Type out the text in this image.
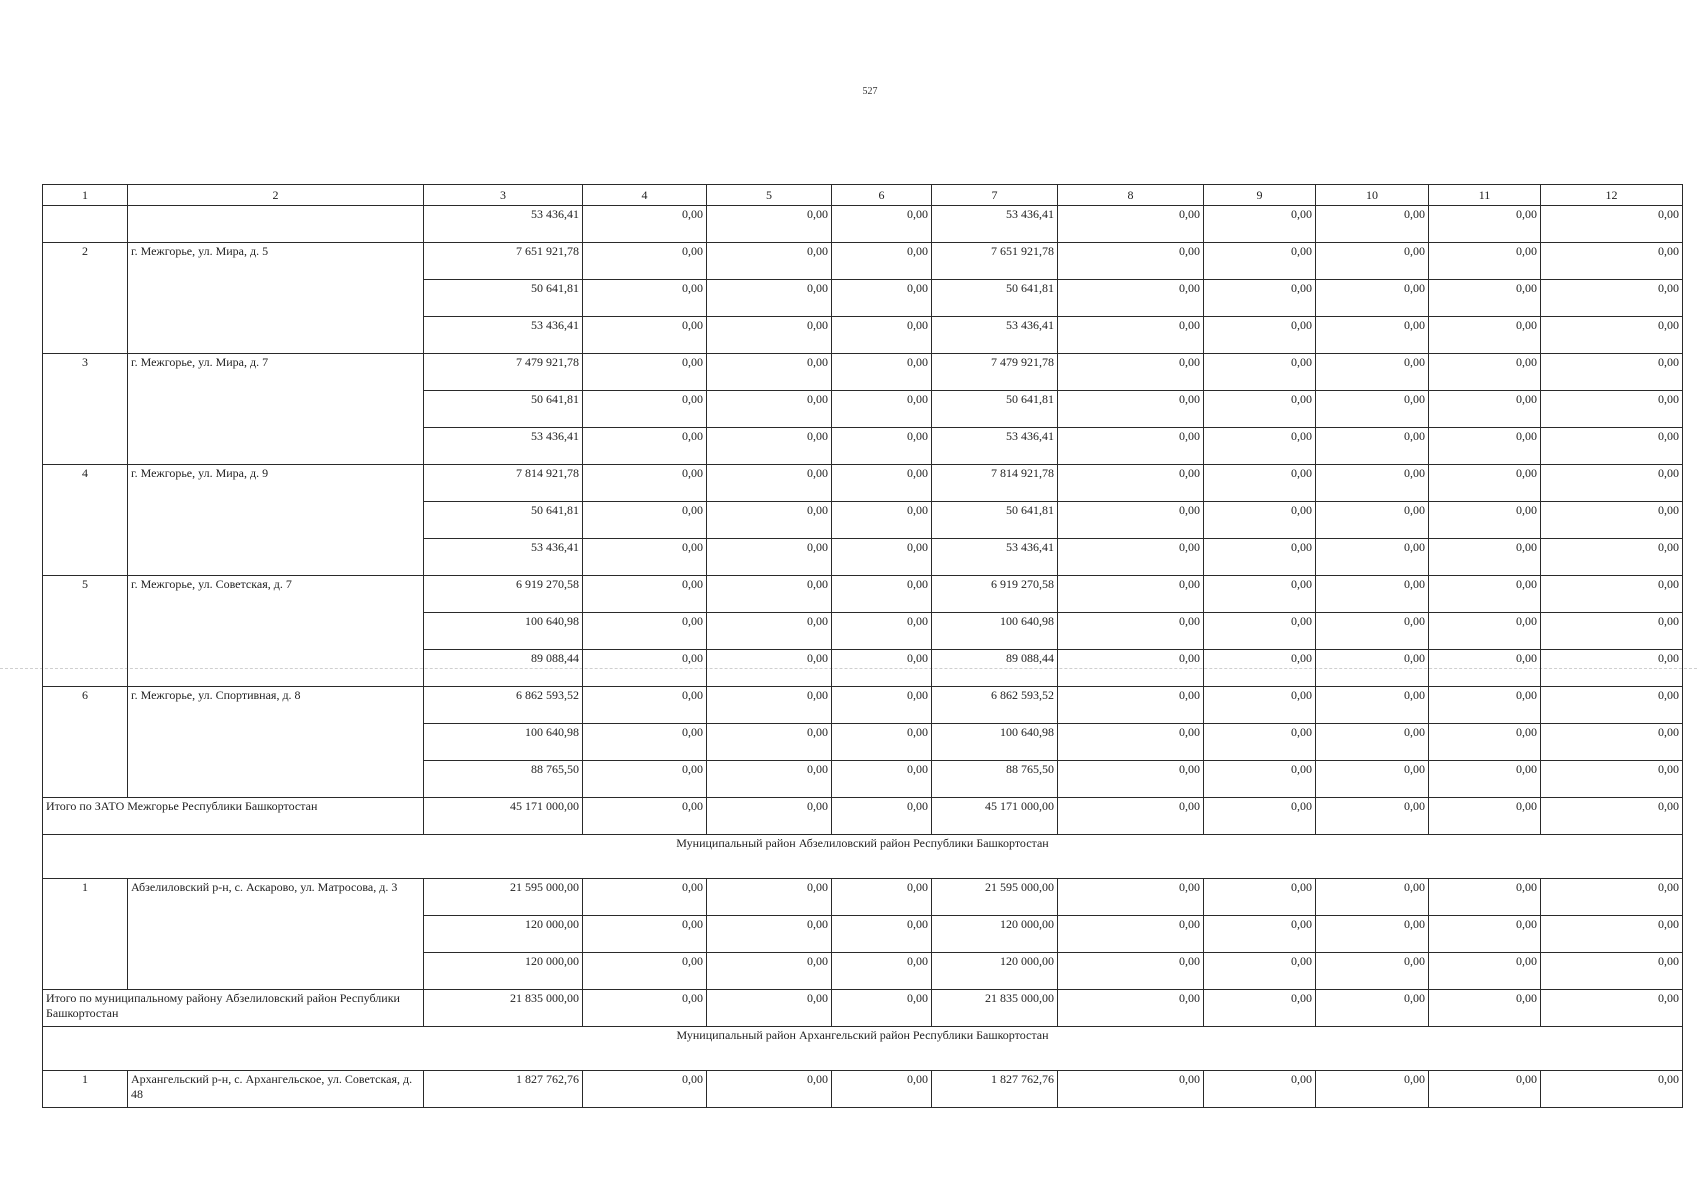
527
1	2	3	4	5	6	7	8	9	10	11	12
		53 436,41	0,00	0,00	0,00	53 436,41	0,00	0,00	0,00	0,00	0,00
2	г. Межгорье, ул. Мира, д. 5	7 651 921,78	0,00	0,00	0,00	7 651 921,78	0,00	0,00	0,00	0,00	0,00
		50 641,81	0,00	0,00	0,00	50 641,81	0,00	0,00	0,00	0,00	0,00
		53 436,41	0,00	0,00	0,00	53 436,41	0,00	0,00	0,00	0,00	0,00
3	г. Межгорье, ул. Мира, д. 7	7 479 921,78	0,00	0,00	0,00	7 479 921,78	0,00	0,00	0,00	0,00	0,00
		50 641,81	0,00	0,00	0,00	50 641,81	0,00	0,00	0,00	0,00	0,00
		53 436,41	0,00	0,00	0,00	53 436,41	0,00	0,00	0,00	0,00	0,00
4	г. Межгорье, ул. Мира, д. 9	7 814 921,78	0,00	0,00	0,00	7 814 921,78	0,00	0,00	0,00	0,00	0,00
		50 641,81	0,00	0,00	0,00	50 641,81	0,00	0,00	0,00	0,00	0,00
		53 436,41	0,00	0,00	0,00	53 436,41	0,00	0,00	0,00	0,00	0,00
5	г. Межгорье, ул. Советская, д. 7	6 919 270,58	0,00	0,00	0,00	6 919 270,58	0,00	0,00	0,00	0,00	0,00
		100 640,98	0,00	0,00	0,00	100 640,98	0,00	0,00	0,00	0,00	0,00
		89 088,44	0,00	0,00	0,00	89 088,44	0,00	0,00	0,00	0,00	0,00
6	г. Межгорье, ул. Спортивная, д. 8	6 862 593,52	0,00	0,00	0,00	6 862 593,52	0,00	0,00	0,00	0,00	0,00
		100 640,98	0,00	0,00	0,00	100 640,98	0,00	0,00	0,00	0,00	0,00
		88 765,50	0,00	0,00	0,00	88 765,50	0,00	0,00	0,00	0,00	0,00
Итого по ЗАТО Межгорье Республики Башкортостан		45 171 000,00	0,00	0,00	0,00	45 171 000,00	0,00	0,00	0,00	0,00	0,00
Муниципальный район Абзелиловский район Республики Башкортостан											
1	Абзелиловский р-н, с. Аскарово, ул. Матросова, д. 3	21 595 000,00	0,00	0,00	0,00	21 595 000,00	0,00	0,00	0,00	0,00	0,00
		120 000,00	0,00	0,00	0,00	120 000,00	0,00	0,00	0,00	0,00	0,00
		120 000,00	0,00	0,00	0,00	120 000,00	0,00	0,00	0,00	0,00	0,00
Итого по муниципальному району Абзелиловский район Республики Башкортостан		21 835 000,00	0,00	0,00	0,00	21 835 000,00	0,00	0,00	0,00	0,00	0,00
Муниципальный район Архангельский район Республики Башкортостан											
1	Архангельский р-н, с. Архангельское, ул. Советская, д. 48	1 827 762,76	0,00	0,00	0,00	1 827 762,76	0,00	0,00	0,00	0,00	0,00
